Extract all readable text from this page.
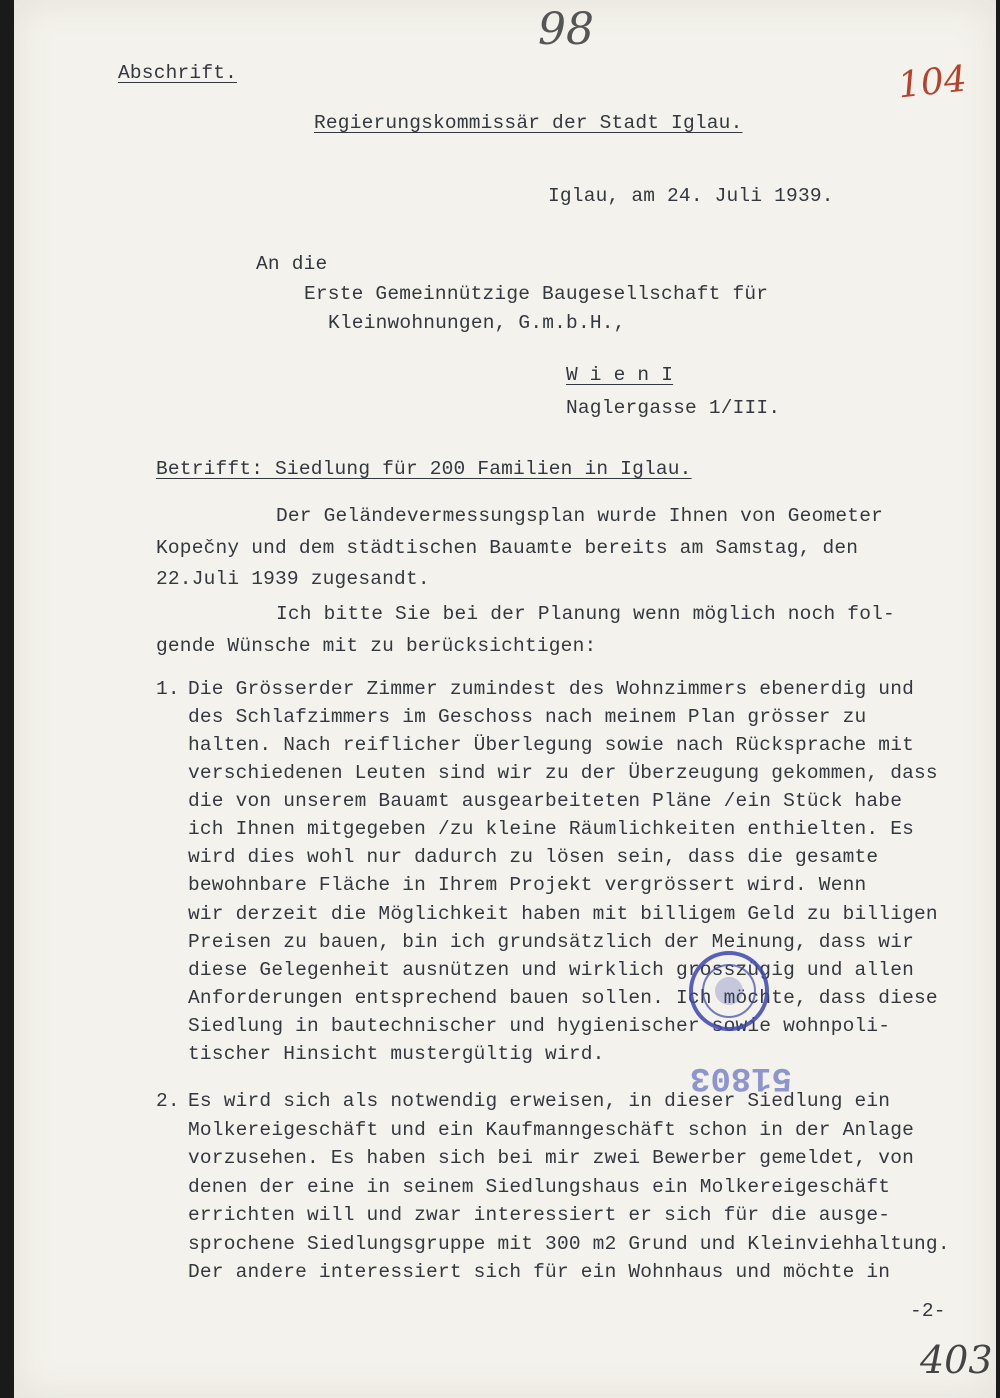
98

104

403

Abschrift.

Regierungskommissär der Stadt Iglau.

Iglau, am 24. Juli 1939.

An die

Erste Gemeinnützige Baugesellschaft für

Kleinwohnungen, G.m.b.H.,

W i e n I

Naglergasse 1/III.

Betrifft: Siedlung für 200 Familien in Iglau.

Der Geländevermessungsplan wurde Ihnen von Geometer

Kopečny und dem städtischen Bauamte bereits am Samstag, den

22.Juli 1939 zugesandt.

Ich bitte Sie bei der Planung wenn möglich noch fol-

gende Wünsche mit zu berücksichtigen:

1. Die Grösserder Zimmer zumindest des Wohnzimmers ebenerdig und

des Schlafzimmers im Geschoss nach meinem Plan grösser zu

halten. Nach reiflicher Überlegung sowie nach Rücksprache mit

verschiedenen Leuten sind wir zu der Überzeugung gekommen, dass

die von unserem Bauamt ausgearbeiteten Pläne /ein Stück habe

ich Ihnen mitgegeben /zu kleine Räumlichkeiten enthielten. Es

wird dies wohl nur dadurch zu lösen sein, dass die gesamte

bewohnbare Fläche in Ihrem Projekt vergrössert wird. Wenn

wir derzeit die Möglichkeit haben mit billigem Geld zu billigen

Preisen zu bauen, bin ich grundsätzlich der Meinung, dass wir

diese Gelegenheit ausnützen und wirklich grosszügig und allen

Anforderungen entsprechend bauen sollen. Ich möchte, dass diese

Siedlung in bautechnischer und hygienischer sowie wohnpoli-

tischer Hinsicht mustergültig wird.

2. Es wird sich als notwendig erweisen, in dieser Siedlung ein

Molkereigeschäft und ein Kaufmanngeschäft schon in der Anlage

vorzusehen. Es haben sich bei mir zwei Bewerber gemeldet, von

denen der eine in seinem Siedlungshaus ein Molkereigeschäft

errichten will und zwar interessiert er sich für die ausge-

sprochene Siedlungsgruppe mit 300 m2 Grund und Kleinviehhaltung.

Der andere interessiert sich für ein Wohnhaus und möchte in

-2-

51803
